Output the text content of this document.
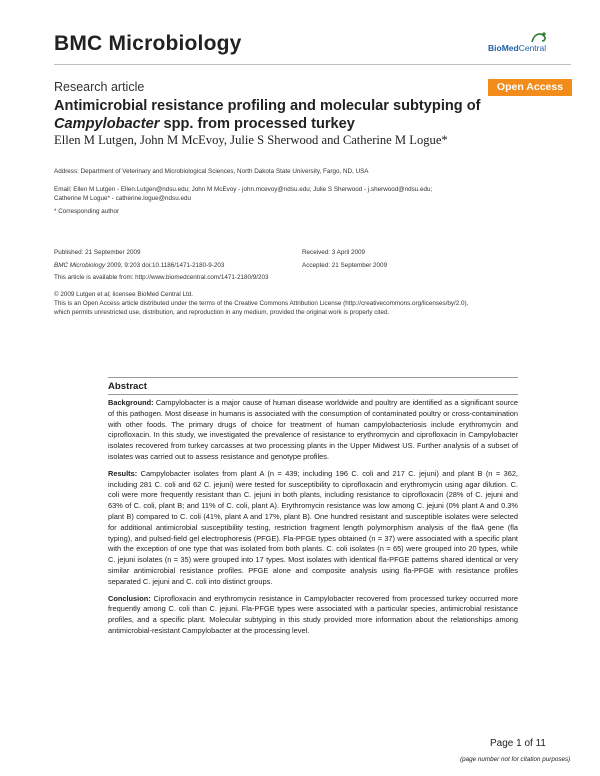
BMC Microbiology	BioMedCentral
Research article	Open Access
Antimicrobial resistance profiling and molecular subtyping of
Campylobacter spp. from processed turkey
Ellen M Lutgen, John M McEvoy, Julie S Sherwood and Catherine M Logue*
Address: Department of Veterinary and Microbiological Sciences, North Dakota State University, Fargo, ND, USA
Email: Ellen M Lutgen - Ellen.Lutgen@ndsu.edu; John M McEvoy - john.mcevoy@ndsu.edu; Julie S Sherwood - j.sherwood@ndsu.edu;
Catherine M Logue* - catherine.logue@ndsu.edu
* Corresponding author
Published: 21 September 2009
BMC Microbiology 2009, 9:203 doi:10.1186/1471-2180-9-203
This article is available from: http://www.biomedcentral.com/1471-2180/9/203
Received: 3 April 2009
Accepted: 21 September 2009
© 2009 Lutgen et al; licensee BioMed Central Ltd.
This is an Open Access article distributed under the terms of the Creative Commons Attribution License (http://creativecommons.org/licenses/by/2.0),
which permits unrestricted use, distribution, and reproduction in any medium, provided the original work is properly cited.
Abstract
Background: Campylobacter is a major cause of human disease worldwide and poultry are identified as a significant source of this pathogen. Most disease in humans is associated with the consumption of contaminated poultry or cross-contamination with other foods. The primary drugs of choice for treatment of human campylobacteriosis include erythromycin and ciprofloxacin. In this study, we investigated the prevalence of resistance to erythromycin and ciprofloxacin in Campylobacter isolates recovered from turkey carcasses at two processing plants in the Upper Midwest US. Further analysis of a subset of isolates was carried out to assess resistance and genotype profiles.
Results: Campylobacter isolates from plant A (n = 439; including 196 C. coli and 217 C. jejuni) and plant B (n = 362, including 281 C. coli and 62 C. jejuni) were tested for susceptibility to ciprofloxacin and erythromycin using agar dilution. C. coli were more frequently resistant than C. jejuni in both plants, including resistance to ciprofloxacin (28% of C. jejuni and 63% of C. coli, plant B; and 11% of C. coli, plant A). Erythromycin resistance was low among C. jejuni (0% plant A and 0.3% plant B) compared to C. coli (41%, plant A and 17%, plant B). One hundred resistant and susceptible isolates were selected for additional antimicrobial susceptibility testing, restriction fragment length polymorphism analysis of the flaA gene (fla typing), and pulsed-field gel electrophoresis (PFGE). Fla-PFGE types obtained (n = 37) were associated with a specific plant with the exception of one type that was isolated from both plants. C. coli isolates (n = 65) were grouped into 20 types, while C. jejuni isolates (n = 35) were grouped into 17 types. Most isolates with identical fla-PFGE patterns shared identical or very similar antimicrobial resistance profiles. PFGE alone and composite analysis using fla-PFGE with resistance profiles separated C. jejuni and C. coli into distinct groups.
Conclusion: Ciprofloxacin and erythromycin resistance in Campylobacter recovered from processed turkey occurred more frequently among C. coli than C. jejuni. Fla-PFGE types were associated with a particular species, antimicrobial resistance profiles, and a specific plant. Molecular subtyping in this study provided more information about the relationships among antimicrobial-resistant Campylobacter at the processing level.
Page 1 of 11
(page number not for citation purposes)
